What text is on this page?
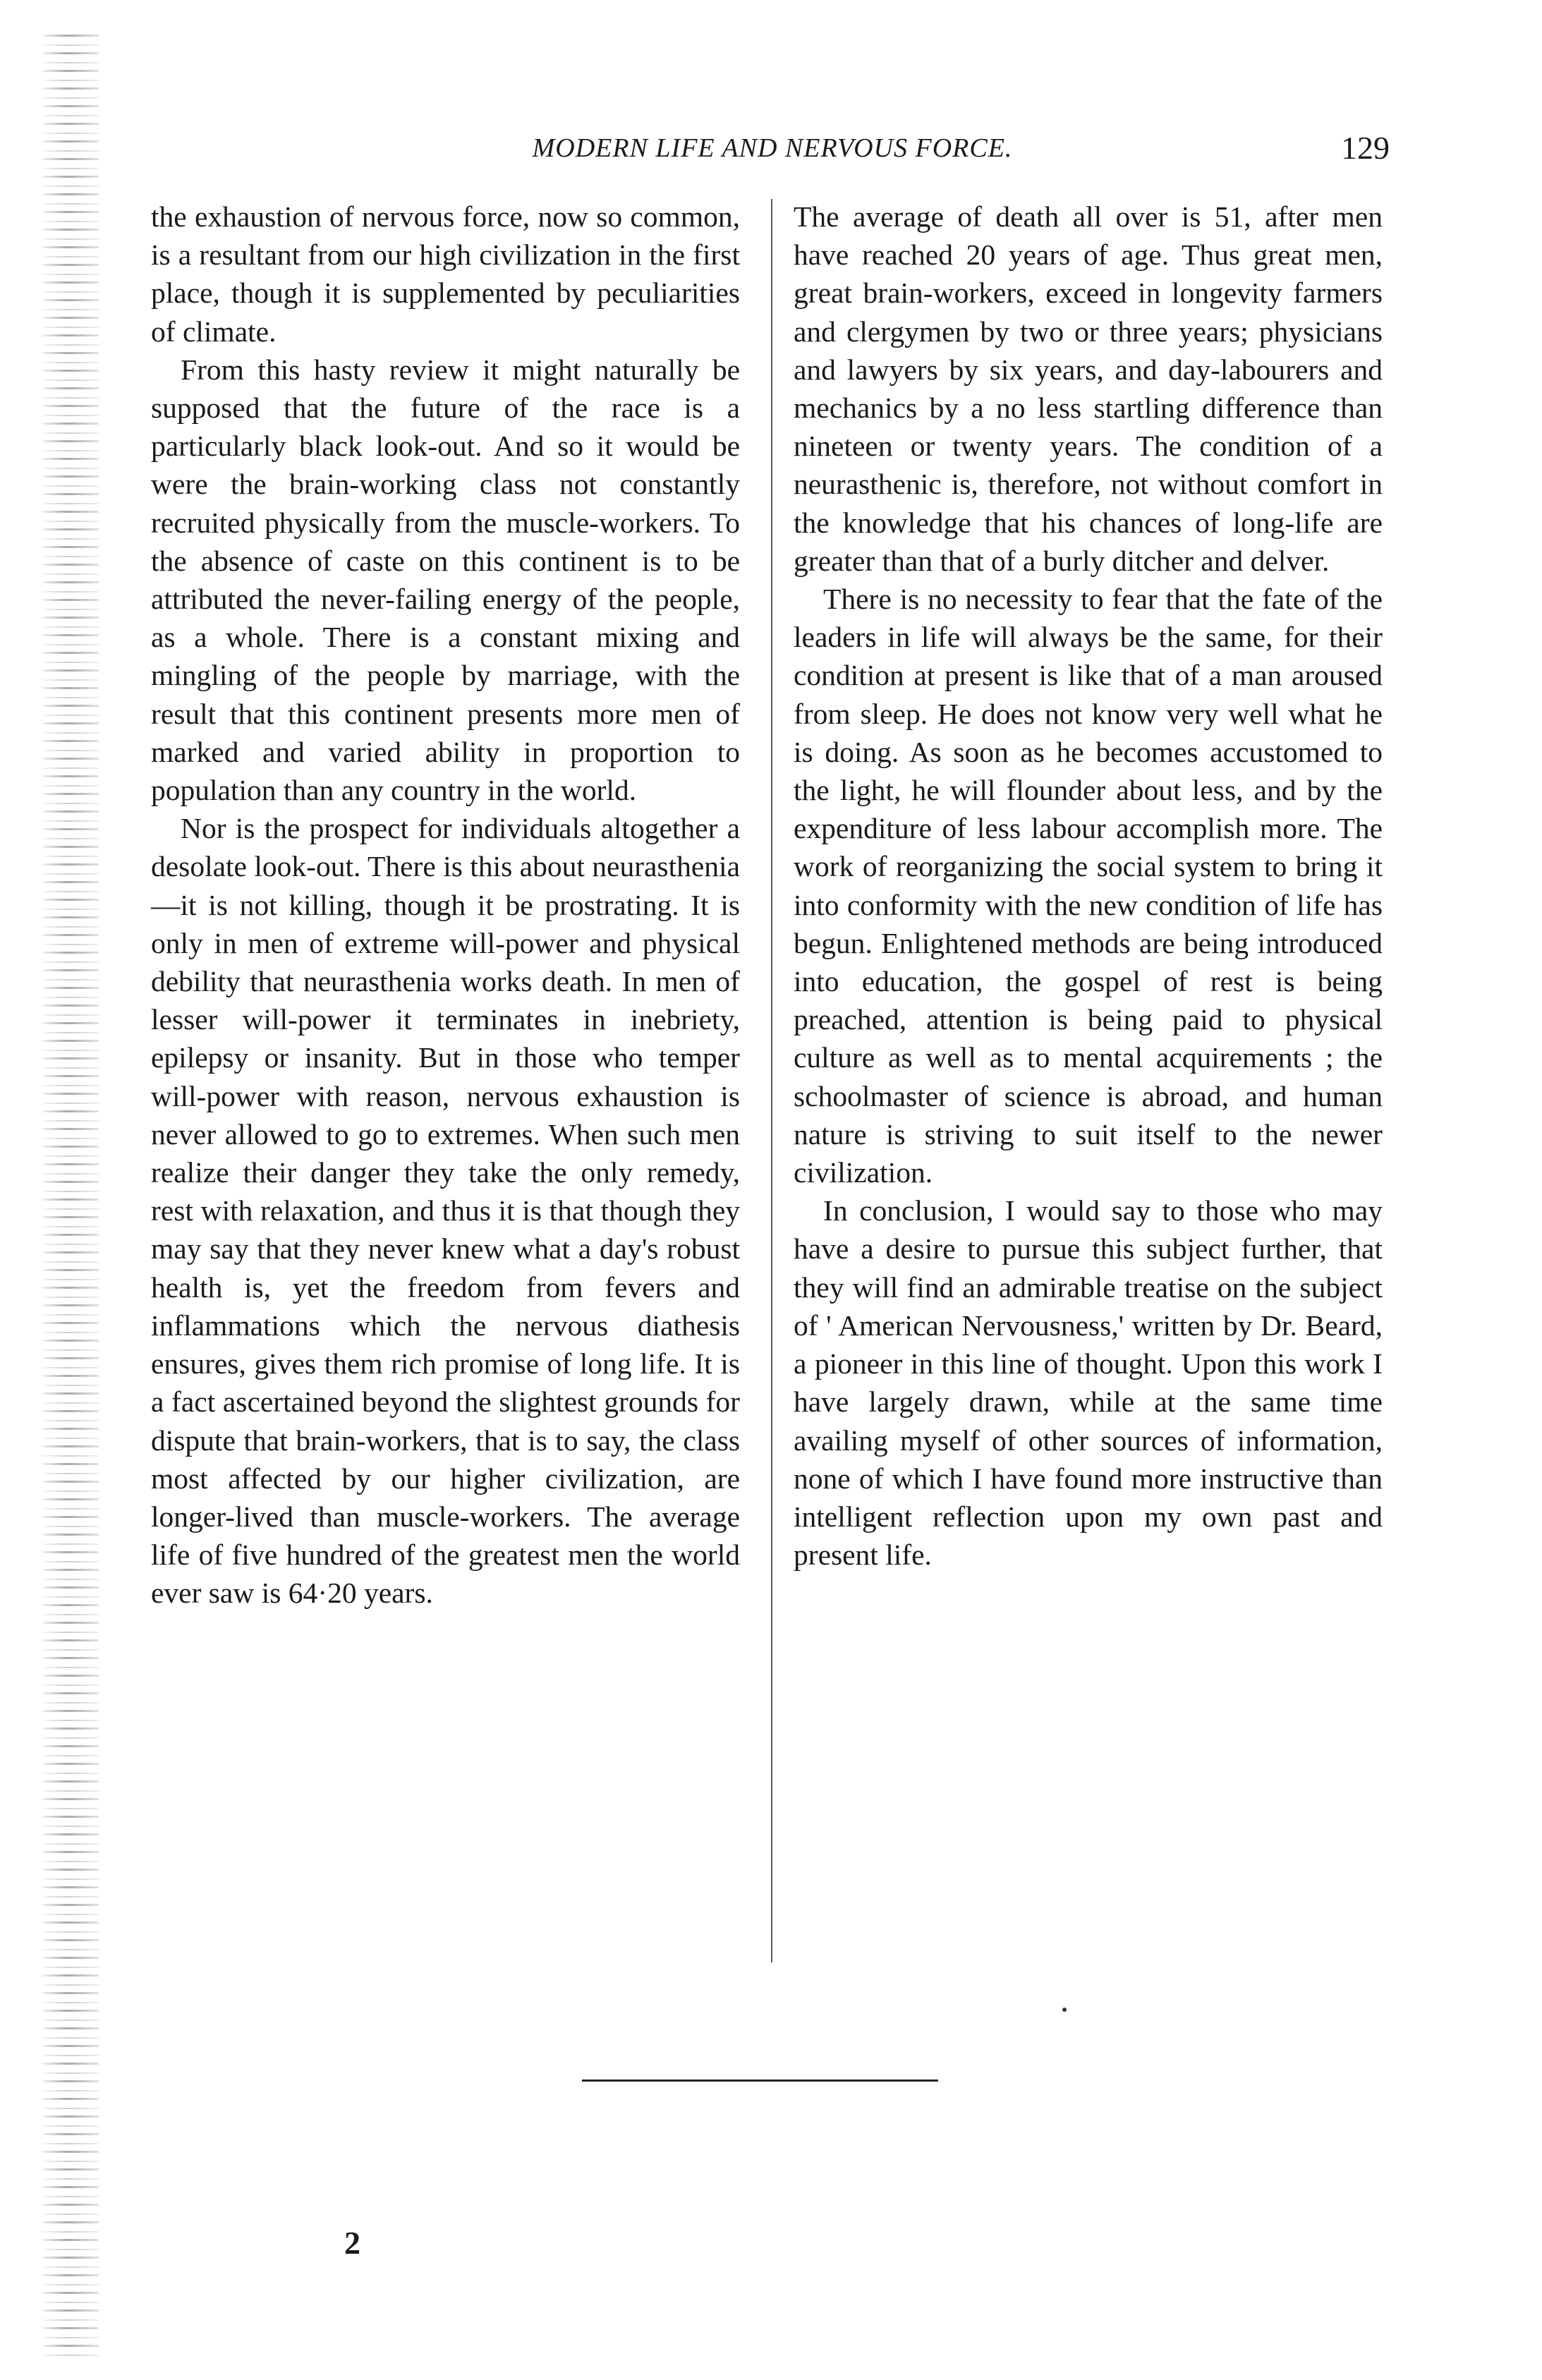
MODERN LIFE AND NERVOUS FORCE.	129

the exhaustion of nervous force, now so common, is a resultant from our high civilization in the first place, though it is supplemented by peculiarities of climate.

From this hasty review it might naturally be supposed that the future of the race is a particularly black look-out. And so it would be were the brain-working class not constantly recruited physically from the muscle-workers. To the absence of caste on this continent is to be attributed the never-failing energy of the people, as a whole. There is a constant mixing and mingling of the people by marriage, with the result that this continent presents more men of marked and varied ability in proportion to population than any country in the world.

Nor is the prospect for individuals altogether a desolate look-out. There is this about neurasthenia—it is not killing, though it be prostrating. It is only in men of extreme will-power and physical debility that neurasthenia works death. In men of lesser will-power it terminates in inebriety, epilepsy or insanity. But in those who temper will-power with reason, nervous exhaustion is never allowed to go to extremes. When such men realize their danger they take the only remedy, rest with relaxation, and thus it is that though they may say that they never knew what a day's robust health is, yet the freedom from fevers and inflammations which the nervous diathesis ensures, gives them rich promise of long life. It is a fact ascertained beyond the slightest grounds for dispute that brain-workers, that is to say, the class most affected by our higher civilization, are longer-lived than muscle-workers. The average life of five hundred of the greatest men the world ever saw is 64·20 years.

The average of death all over is 51, after men have reached 20 years of age. Thus great men, great brain-workers, exceed in longevity farmers and clergymen by two or three years; physicians and lawyers by six years, and day-labourers and mechanics by a no less startling difference than nineteen or twenty years. The condition of a neurasthenic is, therefore, not without comfort in the knowledge that his chances of long-life are greater than that of a burly ditcher and delver.

There is no necessity to fear that the fate of the leaders in life will always be the same, for their condition at present is like that of a man aroused from sleep. He does not know very well what he is doing. As soon as he becomes accustomed to the light, he will flounder about less, and by the expenditure of less labour accomplish more. The work of reorganizing the social system to bring it into conformity with the new condition of life has begun. Enlightened methods are being introduced into education, the gospel of rest is being preached, attention is being paid to physical culture as well as to mental acquirements ; the schoolmaster of science is abroad, and human nature is striving to suit itself to the newer civilization.

In conclusion, I would say to those who may have a desire to pursue this subject further, that they will find an admirable treatise on the subject of ' American Nervousness,' written by Dr. Beard, a pioneer in this line of thought. Upon this work I have largely drawn, while at the same time availing myself of other sources of information, none of which I have found more instructive than intelligent reflection upon my own past and present life.

2
